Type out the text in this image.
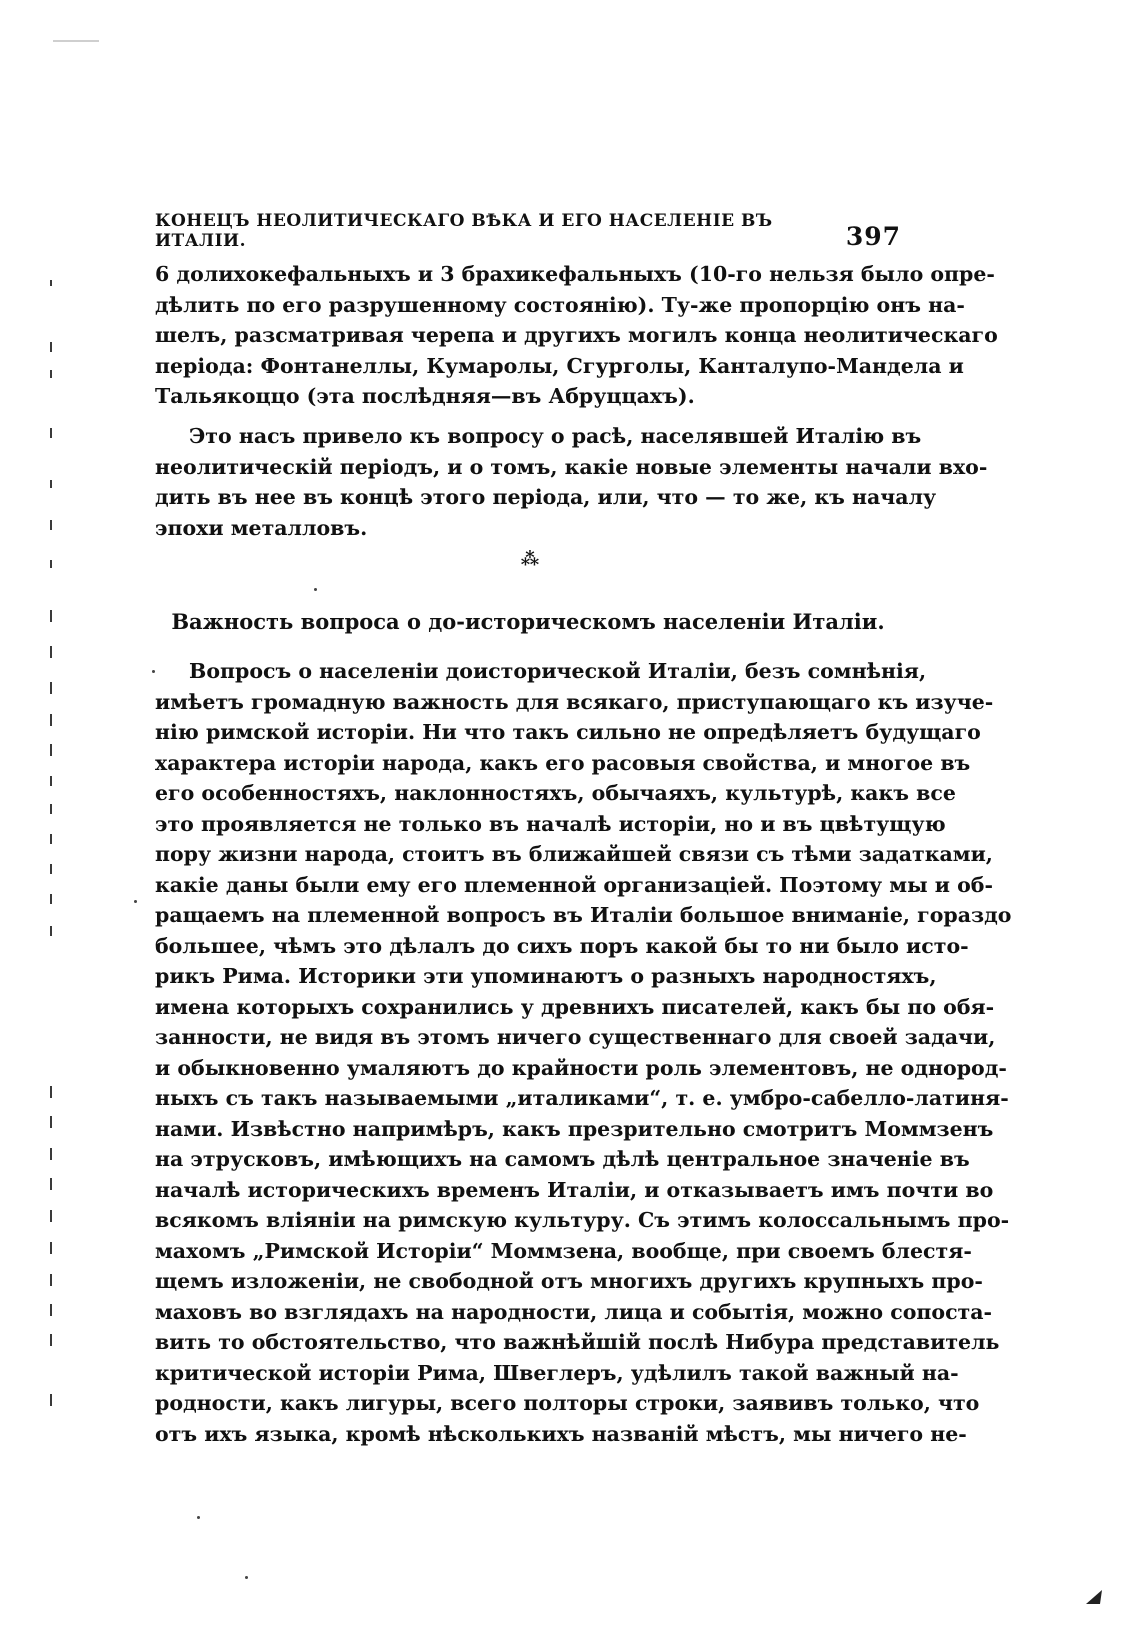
КОНЕЦЪ НЕОЛИТИЧЕСКАГО ВѢКА И ЕГО НАСЕЛЕНІЕ ВЪ ИТАЛІИ.	397
6 долихокефальныхъ и 3 брахикефальныхъ (10-го нельзя было опре-
дѣлить по его разрушенному состоянію). Ту-же пропорцію онъ на-
шелъ, разсматривая черепа и другихъ могилъ конца неолитическаго
періода: Фонтанеллы, Кумаролы, Сгурголы, Канталупо-Мандела и
Тальякоццо (эта послѣдняя—въ Абруццахъ).
Это насъ привело къ вопросу о расѣ, населявшей Италію въ
неолитическій періодъ, и о томъ, какіе новые элементы начали вхо-
дить въ нее въ концѣ этого періода, или, что — то же, къ началу
эпохи металловъ.
⁂
Важность вопроса о до-историческомъ населеніи Италіи.
Вопросъ о населеніи доисторической Италіи, безъ сомнѣнія,
имѣетъ громадную важность для всякаго, приступающаго къ изуче-
нію римской исторіи. Ни что такъ сильно не опредѣляетъ будущаго
характера исторіи народа, какъ его расовыя свойства, и многое въ
его особенностяхъ, наклонностяхъ, обычаяхъ, культурѣ, какъ все
это проявляется не только въ началѣ исторіи, но и въ цвѣтущую
пору жизни народа, стоитъ въ ближайшей связи съ тѣми задатками,
какіе даны были ему его племенной организаціей. Поэтому мы и об-
ращаемъ на племенной вопросъ въ Италіи большое вниманіе, гораздо
большее, чѣмъ это дѣлалъ до сихъ поръ какой бы то ни было исто-
рикъ Рима. Историки эти упоминаютъ о разныхъ народностяхъ,
имена которыхъ сохранились у древнихъ писателей, какъ бы по обя-
занности, не видя въ этомъ ничего существеннаго для своей задачи,
и обыкновенно умаляютъ до крайности роль элементовъ, не однород-
ныхъ съ такъ называемыми „италиками“, т. е. умбро-сабелло-латиня-
нами. Извѣстно напримѣръ, какъ презрительно смотритъ Моммзенъ
на этрусковъ, имѣющихъ на самомъ дѣлѣ центральное значеніе въ
началѣ историческихъ временъ Италіи, и отказываетъ имъ почти во
всякомъ вліяніи на римскую культуру. Съ этимъ колоссальнымъ про-
махомъ „Римской Исторіи“ Моммзена, вообще, при своемъ блестя-
щемъ изложеніи, не свободной отъ многихъ другихъ крупныхъ про-
маховъ во взглядахъ на народности, лица и событія, можно сопоста-
вить то обстоятельство, что важнѣйшій послѣ Нибура представитель
критической исторіи Рима, Швеглеръ, удѣлилъ такой важный на-
родности, какъ лигуры, всего полторы строки, заявивъ только, что
отъ ихъ языка, кромѣ нѣсколькихъ названій мѣстъ, мы ничего не-
